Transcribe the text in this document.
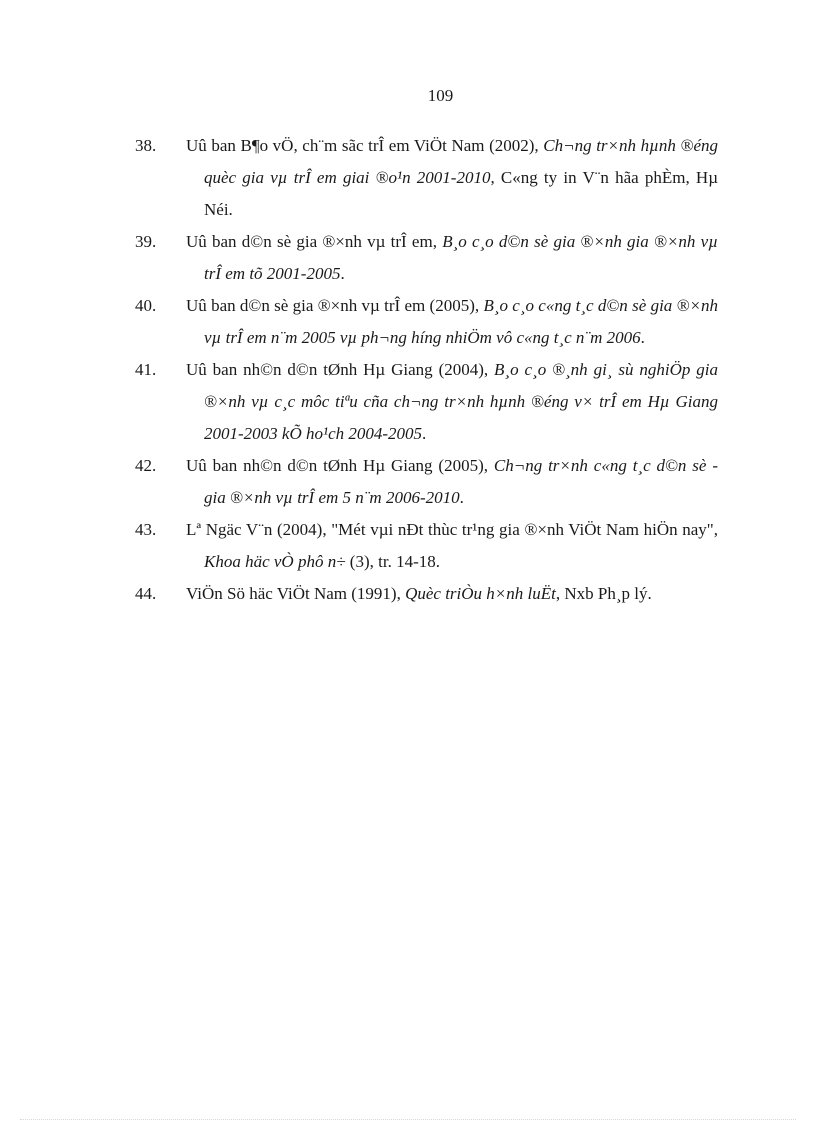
109
38. Uû ban B¶o vÖ, ch¨m sãc trÎ em ViÖt Nam (2002), Ch¬ng tr×nh hµnh ®éng quèc gia vµ trÎ em giai ®o¹n 2001-2010, C«ng ty in V¨n hãa phÈm, Hµ Néi.
39. Uû ban d©n sè gia ®×nh vµ trÎ em, B¸o c¸o d©n sè gia ®×nh gia ®×nh vµ trÎ em tõ 2001-2005.
40. Uû ban d©n sè gia ®×nh vµ trÎ em (2005), B¸o c¸o c«ng t¸c d©n sè gia ®×nh vµ trÎ em n¨m 2005 vµ ph¬ng híng nhiÖm vô c«ng t¸c n¨m 2006.
41. Uû ban nh©n d©n tØnh Hµ Giang (2004), B¸o c¸o ®¸nh gi¸ sù nghiÖp gia ®×nh vµ c¸c môc tiªu cña ch¬ng tr×nh hµnh ®éng v× trÎ em Hµ Giang 2001-2003 kÕ ho¹ch 2004-2005.
42. Uû ban nh©n d©n tØnh Hµ Giang (2005), Ch¬ng tr×nh c«ng t¸c d©n sè - gia ®×nh vµ trÎ em 5 n¨m 2006-2010.
43. Lª Ngäc V¨n (2004), "Mét vµi nÐt thùc tr¹ng gia ®×nh ViÖt Nam hiÖn nay", Khoa häc vÒ phô n÷ (3), tr. 14-18.
44. ViÖn Sö häc ViÖt Nam (1991), Quèc triÒu h×nh luËt, Nxb Ph¸p lý.
